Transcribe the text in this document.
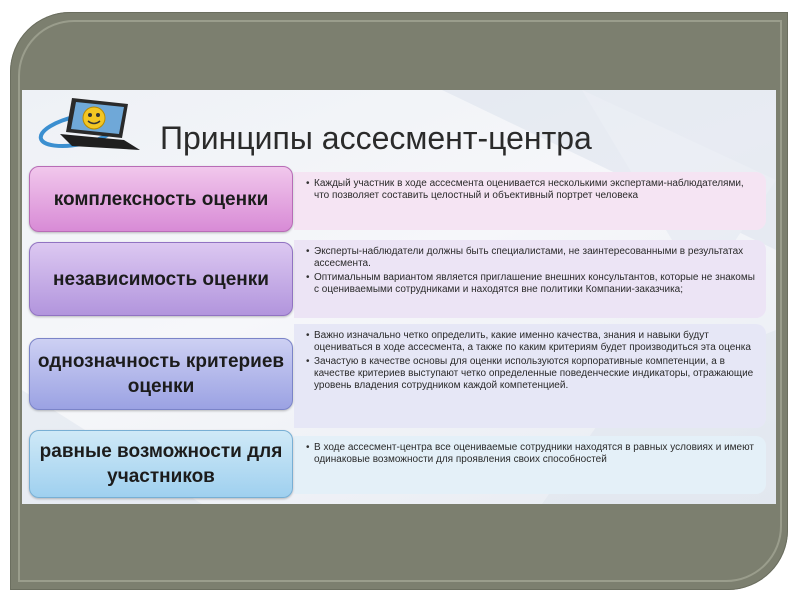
Принципы ассесмент-центра
• Каждый участник в ходе ассесмента оценивается несколькими экспертами-наблюдателями, что позволяет составить целостный и объективный портрет человека
комплексность оценки
• Эксперты-наблюдатели должны быть специалистами, не заинтересованными в результатах ассесмента.
• Оптимальным вариантом является приглашение внешних консультантов, которые не знакомы с оцениваемыми сотрудниками и находятся вне политики Компании-заказчика;
независимость оценки
• Важно изначально четко определить, какие именно качества, знания и навыки будут оцениваться в ходе ассесмента, а также по каким критериям будет производиться эта оценка
• Зачастую в качестве основы для оценки используются корпоративные компетенции, а в качестве критериев выступают четко определенные поведенческие индикаторы, отражающие уровень владения сотрудником каждой компетенцией.
однозначность критериев оценки
• В ходе ассесмент-центра все оцениваемые сотрудники находятся в равных условиях и имеют одинаковые возможности для проявления своих способностей
равные возможности для участников
